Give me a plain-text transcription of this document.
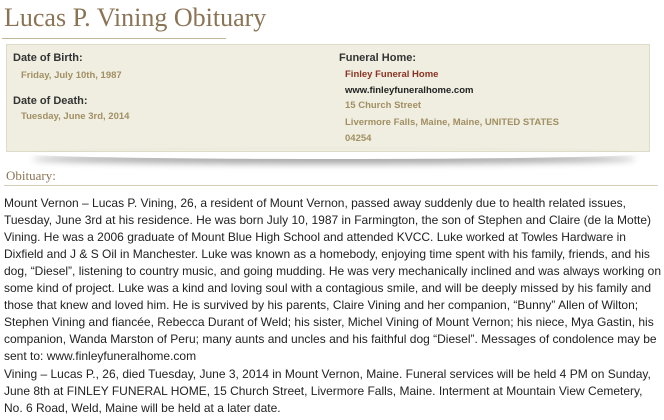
Lucas P. Vining Obituary
Date of Birth:
Friday, July 10th, 1987
Date of Death:
Tuesday, June 3rd, 2014
Funeral Home:
Finley Funeral Home
www.finleyfuneralhome.com
15 Church Street
Livermore Falls, Maine, Maine, UNITED STATES
04254
Obituary:

Mount Vernon – Lucas P. Vining, 26, a resident of Mount Vernon, passed away suddenly due to health related issues, Tuesday, June 3rd at his residence. He was born July 10, 1987 in Farmington, the son of Stephen and Claire (de la Motte) Vining. He was a 2006 graduate of Mount Blue High School and attended KVCC. Luke worked at Towles Hardware in Dixfield and J & S Oil in Manchester. Luke was known as a homebody, enjoying time spent with his family, friends, and his dog, “Diesel”, listening to country music, and going mudding. He was very mechanically inclined and was always working on some kind of project. Luke was a kind and loving soul with a contagious smile, and will be deeply missed by his family and those that knew and loved him. He is survived by his parents, Claire Vining and her companion, “Bunny” Allen of Wilton; Stephen Vining and fiancée, Rebecca Durant of Weld; his sister, Michel Vining of Mount Vernon; his niece, Mya Gastin, his companion, Wanda Marston of Peru; many aunts and uncles and his faithful dog “Diesel”. Messages of condolence may be sent to: www.finleyfuneralhome.com

Vining – Lucas P., 26, died Tuesday, June 3, 2014 in Mount Vernon, Maine. Funeral services will be held 4 PM on Sunday, June 8th at FINLEY FUNERAL HOME, 15 Church Street, Livermore Falls, Maine. Interment at Mountain View Cemetery, No. 6 Road, Weld, Maine will be held at a later date.
